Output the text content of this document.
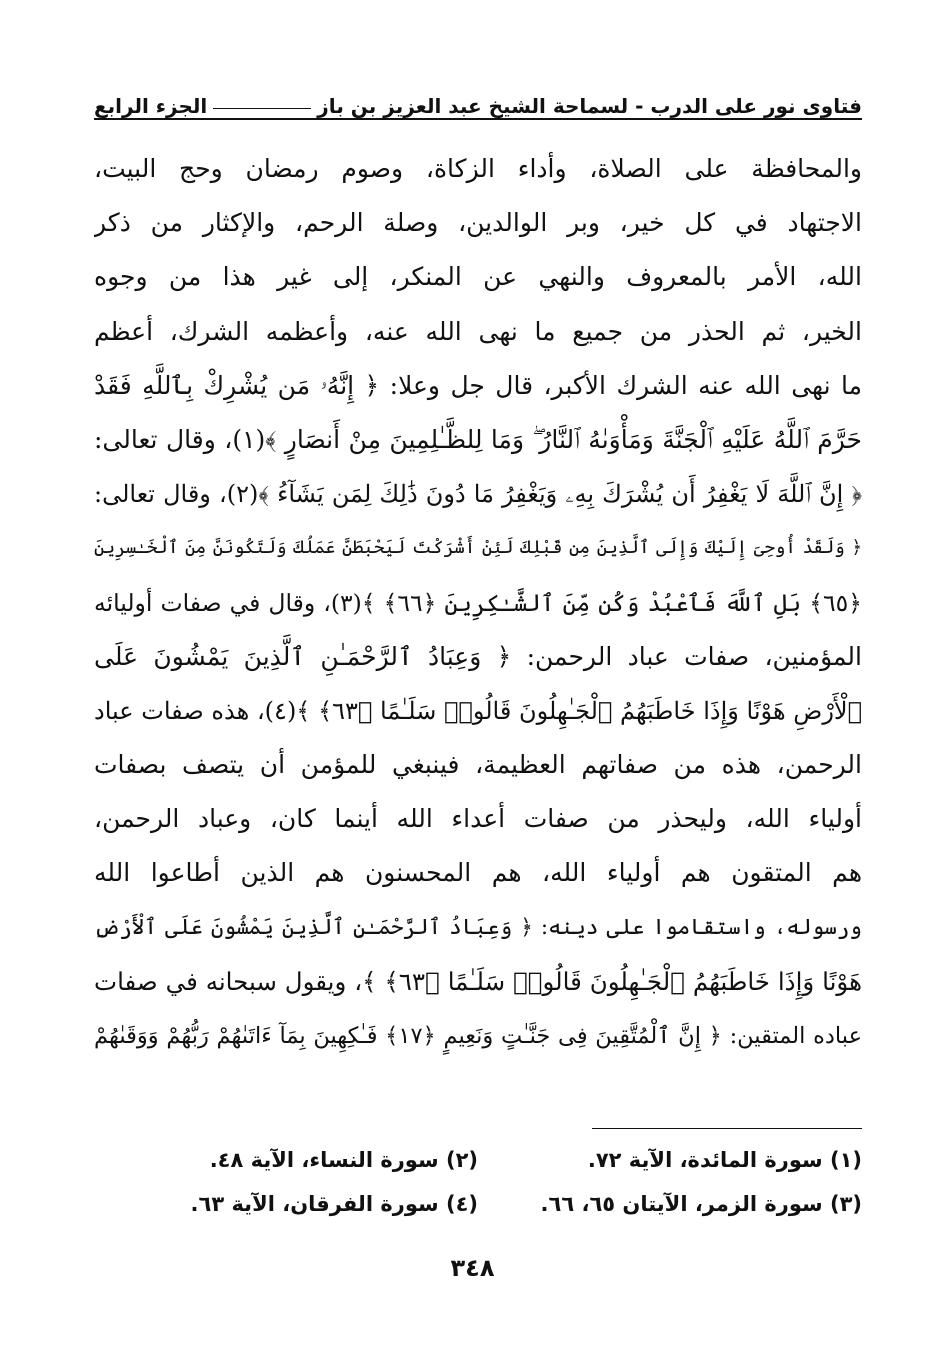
فتاوى نور على الدرب - لسماحة الشيخ عبد العزيز بن باز
الجزء الرابع
والمحافظة على الصلاة، وأداء الزكاة، وصوم رمضان وحج البيت،
الاجتهاد في كل خير، وبر الوالدين، وصلة الرحم، والإكثار من ذكر
الله، الأمر بالمعروف والنهي عن المنكر، إلى غير هذا من وجوه
الخير، ثم الحذر من جميع ما نهى الله عنه، وأعظمه الشرك، أعظم
ما نهى الله عنه الشرك الأكبر، قال جل وعلا: ﴿ إِنَّهُۥ مَن يُشْرِكْ بِٱللَّهِ فَقَدْ
حَرَّمَ ٱللَّهُ عَلَيْهِ ٱلْجَنَّةَ وَمَأْوَىٰهُ ٱلنَّارُ ۖ وَمَا لِلظَّـٰلِمِينَ مِنْ أَنصَارٍ ﴾(١)، وقال تعالى:
﴿ إِنَّ ٱللَّهَ لَا يَغْفِرُ أَن يُشْرَكَ بِهِۦ وَيَغْفِرُ مَا دُونَ ذَٰلِكَ لِمَن يَشَآءُ ﴾(٢)، وقال تعالى:
﴿ وَلَقَدْ أُوحِىَ إِلَيْكَ وَإِلَى ٱلَّذِينَ مِن قَبْلِكَ لَئِنْ أَشْرَكْتَ لَيَحْبَطَنَّ عَمَلُكَ وَلَتَكُونَنَّ مِنَ ٱلْخَـٰسِرِينَ
﴿٦٥﴾ بَلِ ٱللَّهَ فَٱعْبُدْ وَكُن مِّنَ ٱلشَّـٰكِرِينَ ﴿٦٦﴾ ﴾(٣)، وقال في صفات أوليائه
المؤمنين، صفات عباد الرحمن: ﴿ وَعِبَادُ ٱلرَّحْمَـٰنِ ٱلَّذِينَ يَمْشُونَ عَلَى
ٱلْأَرْضِ هَوْنًا وَإِذَا خَاطَبَهُمُ ٱلْجَـٰهِلُونَ قَالُوا۟ سَلَـٰمًا ﴿٦٣﴾ ﴾(٤)، هذه صفات عباد
الرحمن، هذه من صفاتهم العظيمة، فينبغي للمؤمن أن يتصف بصفات
أولياء الله، وليحذر من صفات أعداء الله أينما كان، وعباد الرحمن،
هم المتقون هم أولياء الله، هم المحسنون هم الذين أطاعوا الله
ورسوله، واستقاموا على دينه: ﴿ وَعِبَادُ ٱلرَّحْمَـٰنِ ٱلَّذِينَ يَمْشُونَ عَلَى ٱلْأَرْضِ
هَوْنًا وَإِذَا خَاطَبَهُمُ ٱلْجَـٰهِلُونَ قَالُوا۟ سَلَـٰمًا ﴿٦٣﴾ ﴾، ويقول سبحانه في صفات
عباده المتقين: ﴿ إِنَّ ٱلْمُتَّقِينَ فِى جَنَّـٰتٍ وَنَعِيمٍ ﴿١٧﴾ فَـٰكِهِينَ بِمَآ ءَاتَىٰهُمْ رَبُّهُمْ وَوَقَىٰهُمْ
(١) سورة المائدة، الآية ٧٢.
(٢) سورة النساء، الآية ٤٨.
(٣) سورة الزمر، الآيتان ٦٥، ٦٦.
(٤) سورة الفرقان، الآية ٦٣.
٣٤٨
